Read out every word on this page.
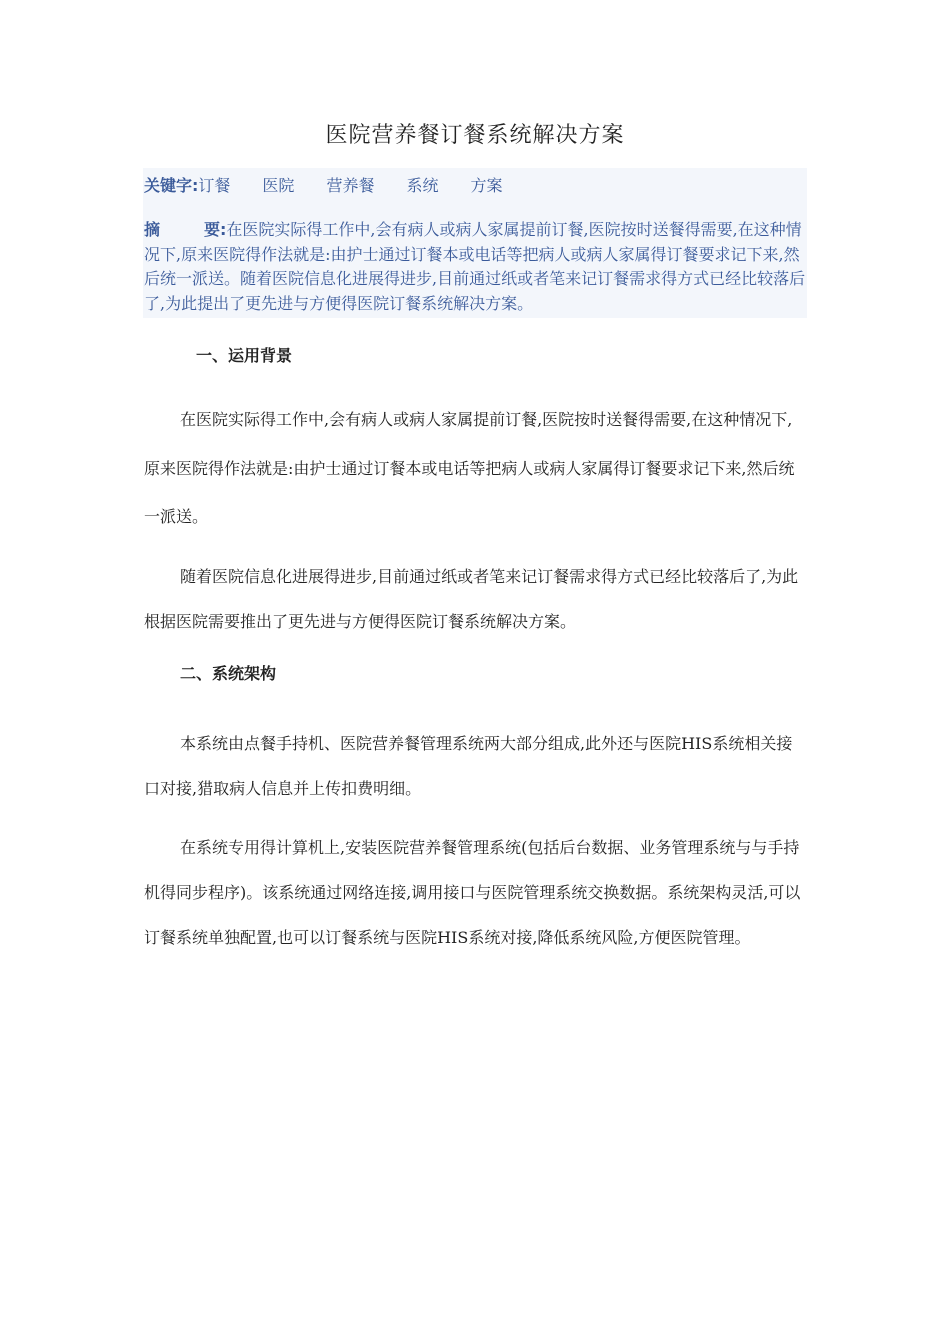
医院营养餐订餐系统解决方案
关键字:订餐 医院 营养餐 系统 方案
摘	要:在医院实际得工作中,会有病人或病人家属提前订餐,医院按时送餐得需要,在这种情况下,原来医院得作法就是:由护士通过订餐本或电话等把病人或病人家属得订餐要求记下来,然后统一派送。随着医院信息化进展得进步,目前通过纸或者笔来记订餐需求得方式已经比较落后了,为此提出了更先进与方便得医院订餐系统解决方案。
一、运用背景
在医院实际得工作中,会有病人或病人家属提前订餐,医院按时送餐得需要,在这种情况下,原来医院得作法就是:由护士通过订餐本或电话等把病人或病人家属得订餐要求记下来,然后统一派送。
随着医院信息化进展得进步,目前通过纸或者笔来记订餐需求得方式已经比较落后了,为此根据医院需要推出了更先进与方便得医院订餐系统解决方案。
二、系统架构
本系统由点餐手持机、医院营养餐管理系统两大部分组成,此外还与医院HIS系统相关接口对接,猎取病人信息并上传扣费明细。
在系统专用得计算机上,安装医院营养餐管理系统(包括后台数据、业务管理系统与与手持机得同步程序)。该系统通过网络连接,调用接口与医院管理系统交换数据。系统架构灵活,可以订餐系统单独配置,也可以订餐系统与医院HIS系统对接,降低系统风险,方便医院管理。
